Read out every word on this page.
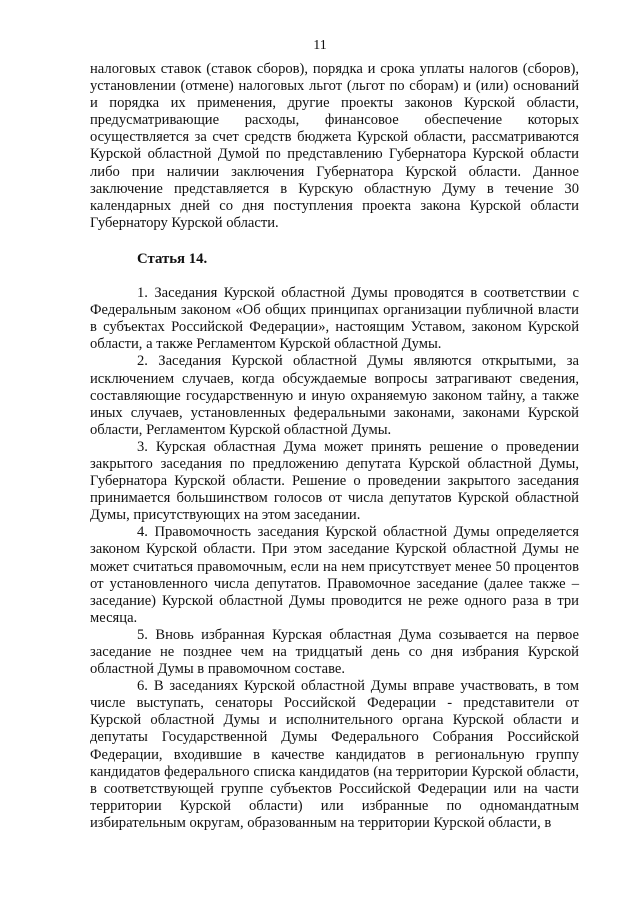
11

налоговых ставок (ставок сборов), порядка и срока уплаты налогов (сборов), установлении (отмене) налоговых льгот (льгот по сборам) и (или) оснований и порядка их применения, другие проекты законов Курской области, предусматривающие расходы, финансовое обеспечение которых осуществляется за счет средств бюджета Курской области, рассматриваются Курской областной Думой по представлению Губернатора Курской области либо при наличии заключения Губернатора Курской области. Данное заключение представляется в Курскую областную Думу в течение 30 календарных дней со дня поступления проекта закона Курской области Губернатору Курской области.

Статья 14.

1. Заседания Курской областной Думы проводятся в соответствии с Федеральным законом «Об общих принципах организации публичной власти в субъектах Российской Федерации», настоящим Уставом, законом Курской области, а также Регламентом Курской областной Думы.

2. Заседания Курской областной Думы являются открытыми, за исключением случаев, когда обсуждаемые вопросы затрагивают сведения, составляющие государственную и иную охраняемую законом тайну, а также иных случаев, установленных федеральными законами, законами Курской области, Регламентом Курской областной Думы.

3. Курская областная Дума может принять решение о проведении закрытого заседания по предложению депутата Курской областной Думы, Губернатора Курской области. Решение о проведении закрытого заседания принимается большинством голосов от числа депутатов Курской областной Думы, присутствующих на этом заседании.

4. Правомочность заседания Курской областной Думы определяется законом Курской области. При этом заседание Курской областной Думы не может считаться правомочным, если на нем присутствует менее 50 процентов от установленного числа депутатов. Правомочное заседание (далее также – заседание) Курской областной Думы проводится не реже одного раза в три месяца.

5. Вновь избранная Курская областная Дума созывается на первое заседание не позднее чем на тридцатый день со дня избрания Курской областной Думы в правомочном составе.

6. В заседаниях Курской областной Думы вправе участвовать, в том числе выступать, сенаторы Российской Федерации - представители от Курской областной Думы и исполнительного органа Курской области и депутаты Государственной Думы Федерального Собрания Российской Федерации, входившие в качестве кандидатов в региональную группу кандидатов федерального списка кандидатов (на территории Курской области, в соответствующей группе субъектов Российской Федерации или на части территории Курской области) или избранные по одномандатным избирательным округам, образованным на территории Курской области, в
